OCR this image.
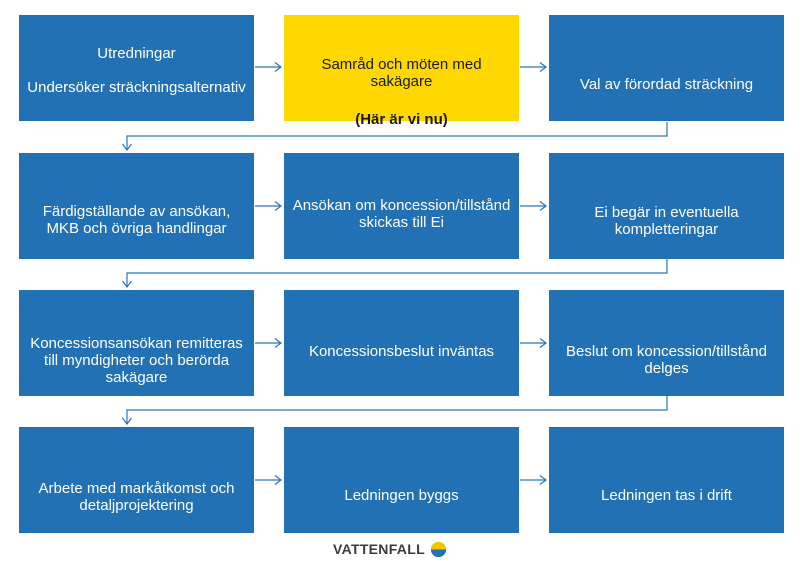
Utredningar

Undersöker sträckningsalternativ

Samråd och möten med sakägare

(Här är vi nu)

Val av förordad sträckning

Färdigställande av ansökan, MKB och övriga handlingar

Ansökan om koncession/tillstånd skickas till Ei

Ei begär in eventuella kompletteringar

Koncessionsansökan remitteras till myndigheter och berörda sakägare

Koncessionsbeslut inväntas	Beslut om koncession/tillstånd delges

Arbete med markåtkomst och detaljprojektering

Ledningen byggs	Ledningen tas i drift

VATTENFALL
